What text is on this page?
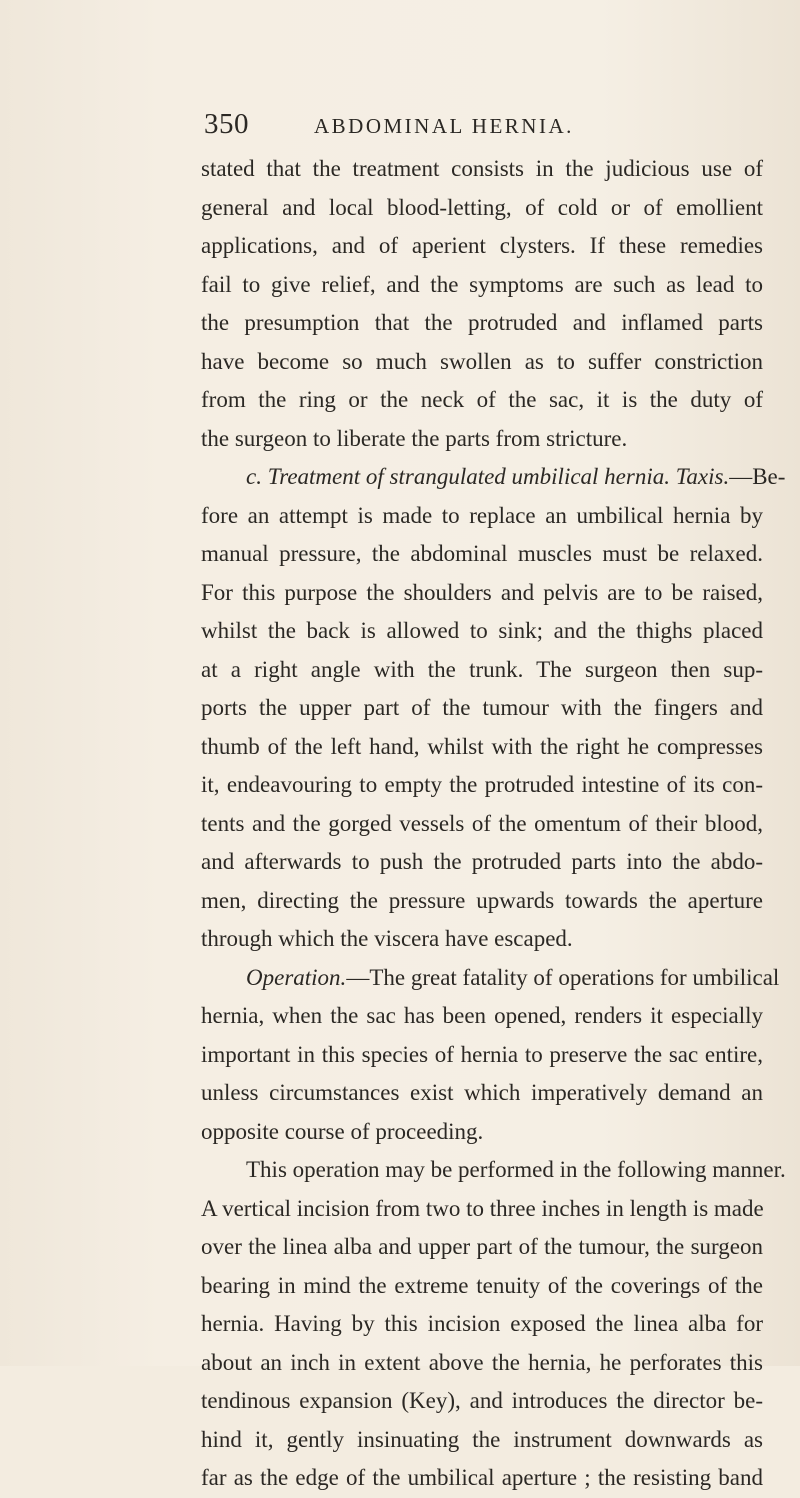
350	ABDOMINAL HERNIA.
stated that the treatment consists in the judicious use of
general and local blood-letting, of cold or of emollient
applications, and of aperient clysters. If these remedies
fail to give relief, and the symptoms are such as lead to
the presumption that the protruded and inflamed parts
have become so much swollen as to suffer constriction
from the ring or the neck of the sac, it is the duty of
the surgeon to liberate the parts from stricture.
c. Treatment of strangulated umbilical hernia. Taxis.—Be-
fore an attempt is made to replace an umbilical hernia by
manual pressure, the abdominal muscles must be relaxed.
For this purpose the shoulders and pelvis are to be raised,
whilst the back is allowed to sink; and the thighs placed
at a right angle with the trunk. The surgeon then sup-
ports the upper part of the tumour with the fingers and
thumb of the left hand, whilst with the right he compresses
it, endeavouring to empty the protruded intestine of its con-
tents and the gorged vessels of the omentum of their blood,
and afterwards to push the protruded parts into the abdo-
men, directing the pressure upwards towards the aperture
through which the viscera have escaped.
Operation.—The great fatality of operations for umbilical
hernia, when the sac has been opened, renders it especially
important in this species of hernia to preserve the sac entire,
unless circumstances exist which imperatively demand an
opposite course of proceeding.
This operation may be performed in the following manner.
A vertical incision from two to three inches in length is made
over the linea alba and upper part of the tumour, the surgeon
bearing in mind the extreme tenuity of the coverings of the
hernia. Having by this incision exposed the linea alba for
about an inch in extent above the hernia, he perforates this
tendinous expansion (Key), and introduces the director be-
hind it, gently insinuating the instrument downwards as
far as the edge of the umbilical aperture ; the resisting band
